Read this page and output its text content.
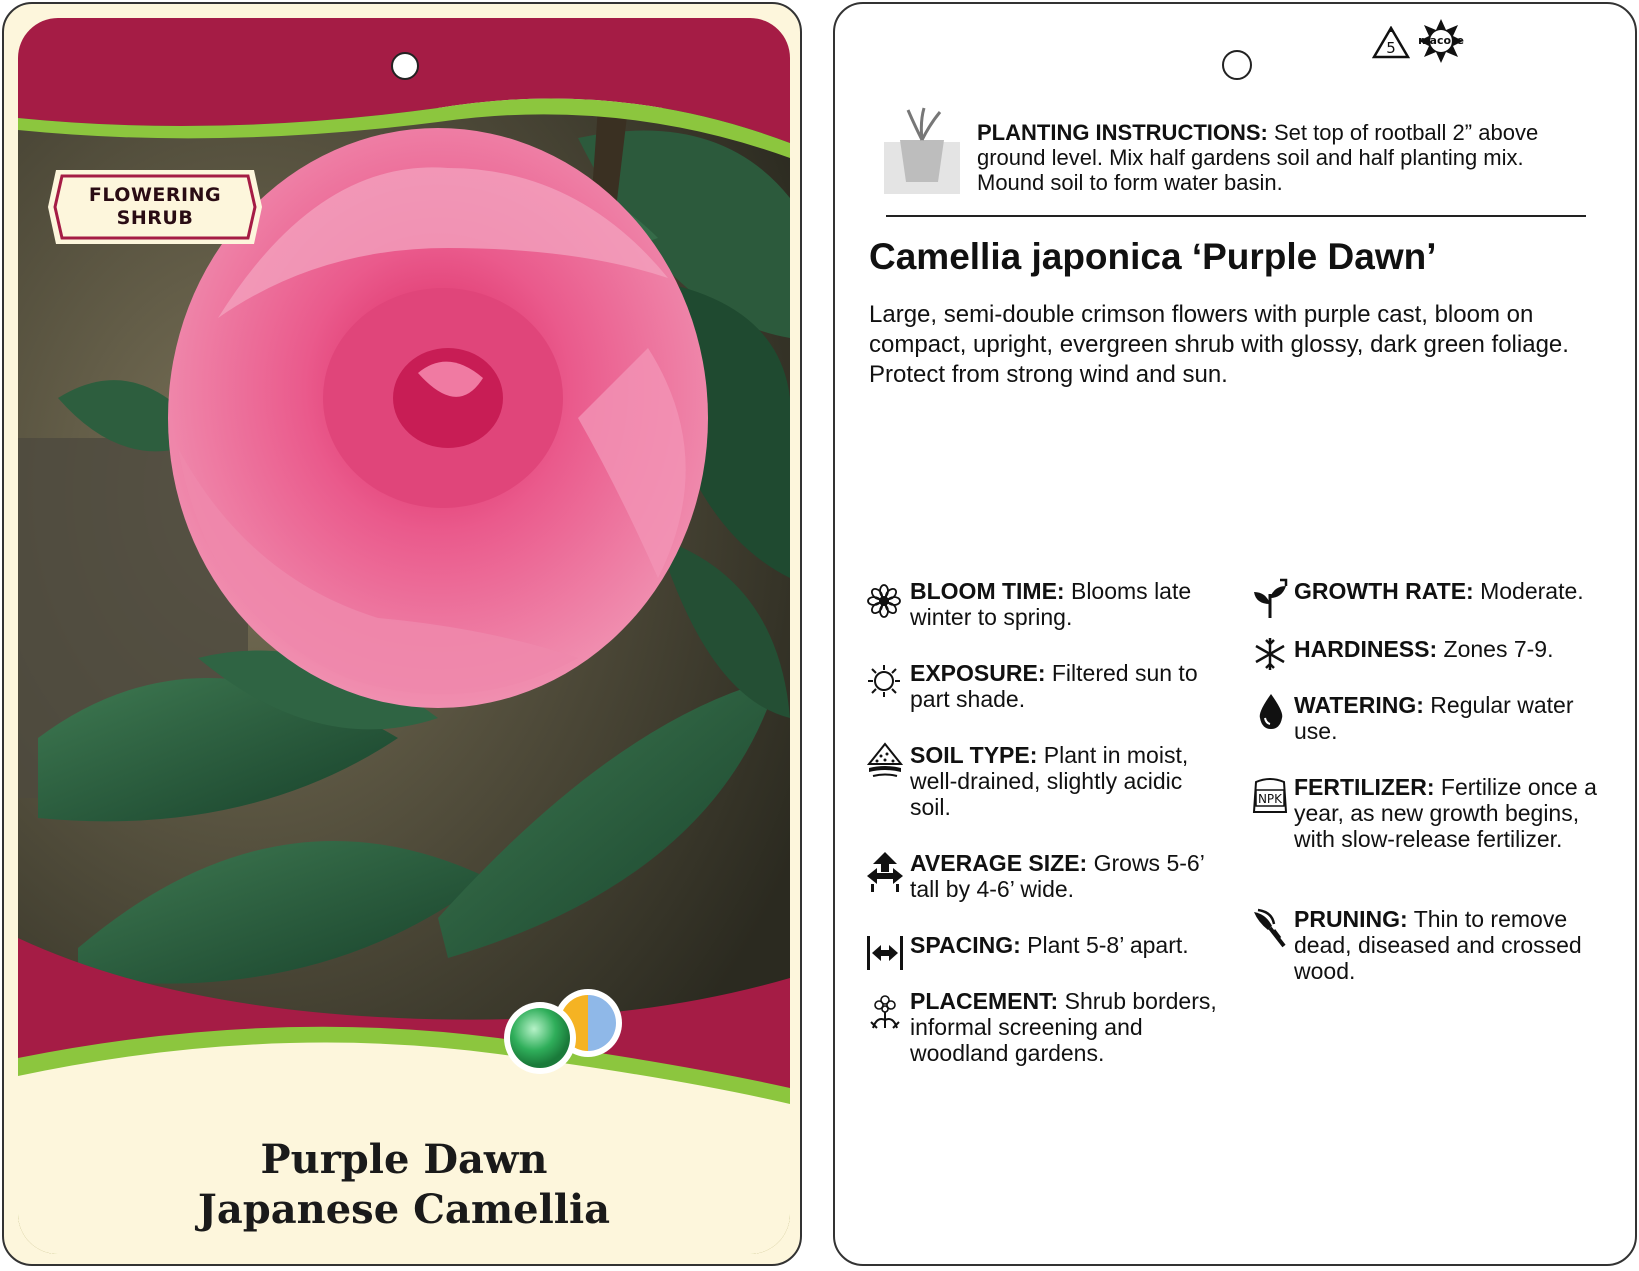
FLOWERING
SHRUB
Purple Dawn
Japanese Camellia
5	macore
PLANTING INSTRUCTIONS: Set top of rootball 2” above ground level. Mix half gardens soil and half planting mix. Mound soil to form water basin.
Camellia japonica ‘Purple Dawn’
Large, semi-double crimson flowers with purple cast, bloom on compact, upright, evergreen shrub with glossy, dark green foliage. Protect from strong wind and sun.
BLOOM TIME: Blooms late winter to spring.
EXPOSURE: Filtered sun to part shade.
SOIL TYPE: Plant in moist, well-drained, slightly acidic soil.
AVERAGE SIZE: Grows 5-6’ tall by 4-6’ wide.
SPACING: Plant 5-8’ apart.
PLACEMENT: Shrub borders, informal screening and woodland gardens.
GROWTH RATE: Moderate.
HARDINESS: Zones 7-9.
WATERING: Regular water use.
NPK FERTILIZER: Fertilize once a year, as new growth begins, with slow-release fertilizer.
PRUNING: Thin to remove dead, diseased and crossed wood.
